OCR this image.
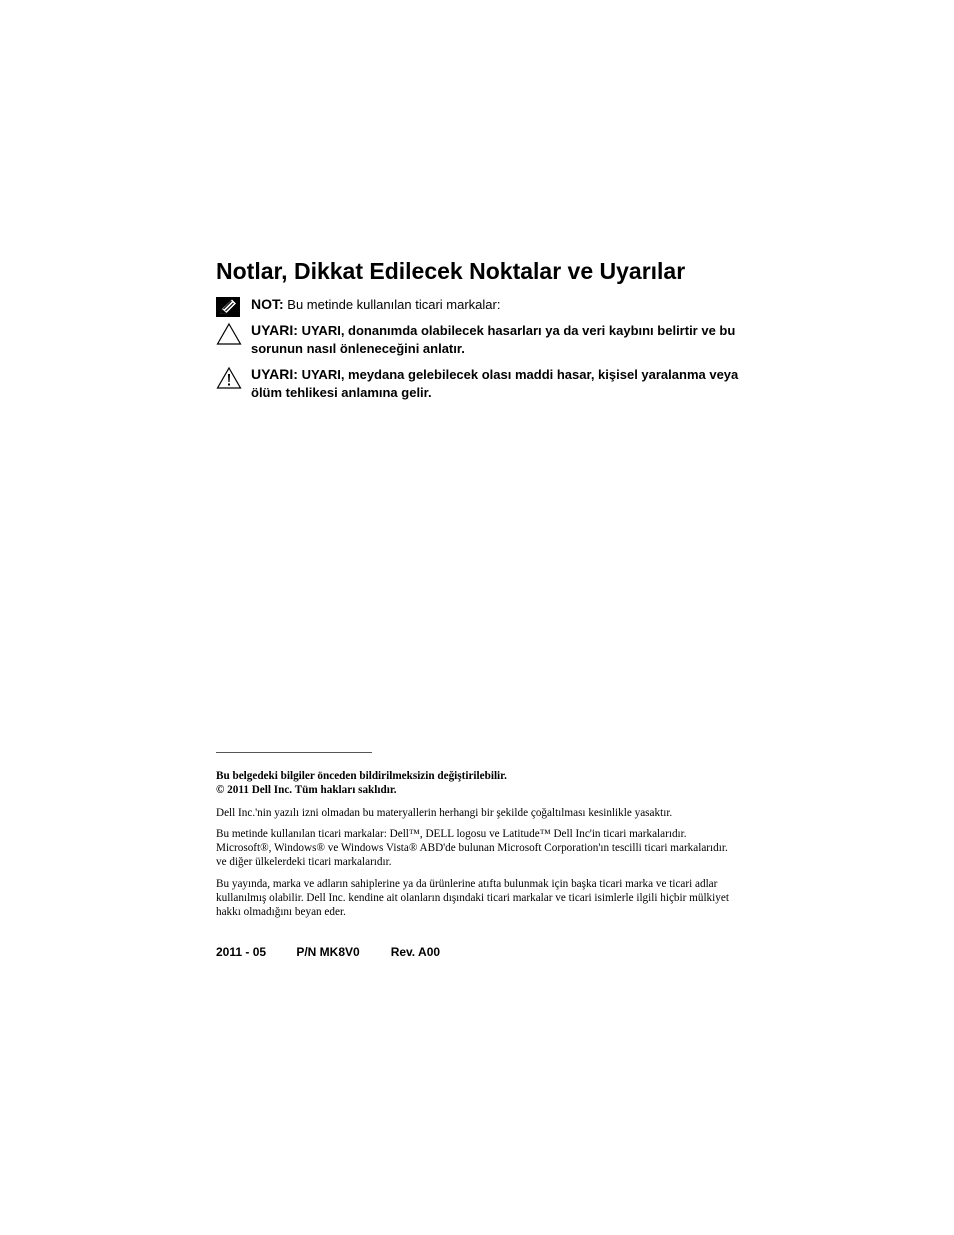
Notlar, Dikkat Edilecek Noktalar ve Uyarılar
NOT: Bu metinde kullanılan ticari markalar:
UYARI: UYARI, donanımda olabilecek hasarları ya da veri kaybını belirtir ve bu sorunun nasıl önleneceğini anlatır.
UYARI: UYARI, meydana gelebilecek olası maddi hasar, kişisel yaralanma veya ölüm tehlikesi anlamına gelir.
Bu belgedeki bilgiler önceden bildirilmeksizin değiştirilebilir.
© 2011 Dell Inc. Tüm hakları saklıdır.

Dell Inc.'nin yazılı izni olmadan bu materyallerin herhangi bir şekilde çoğaltılması kesinlikle yasaktır.

Bu metinde kullanılan ticari markalar: Dell™, DELL logosu ve Latitude™ Dell Inc'in ticari markalarıdır. Microsoft®, Windows® ve Windows Vista® ABD'de bulunan Microsoft Corporation'ın tescilli ticari markalarıdır. ve diğer ülkelerdeki ticari markalarıdır.

Bu yayında, marka ve adların sahiplerine ya da ürünlerine atıfta bulunmak için başka ticari marka ve ticari adlar kullanılmış olabilir. Dell Inc. kendine ait olanların dışındaki ticari markalar ve ticari isimlerle ilgili hiçbir mülkiyet hakkı olmadığını beyan eder.

2011 - 05	P/N MK8V0	Rev. A00
